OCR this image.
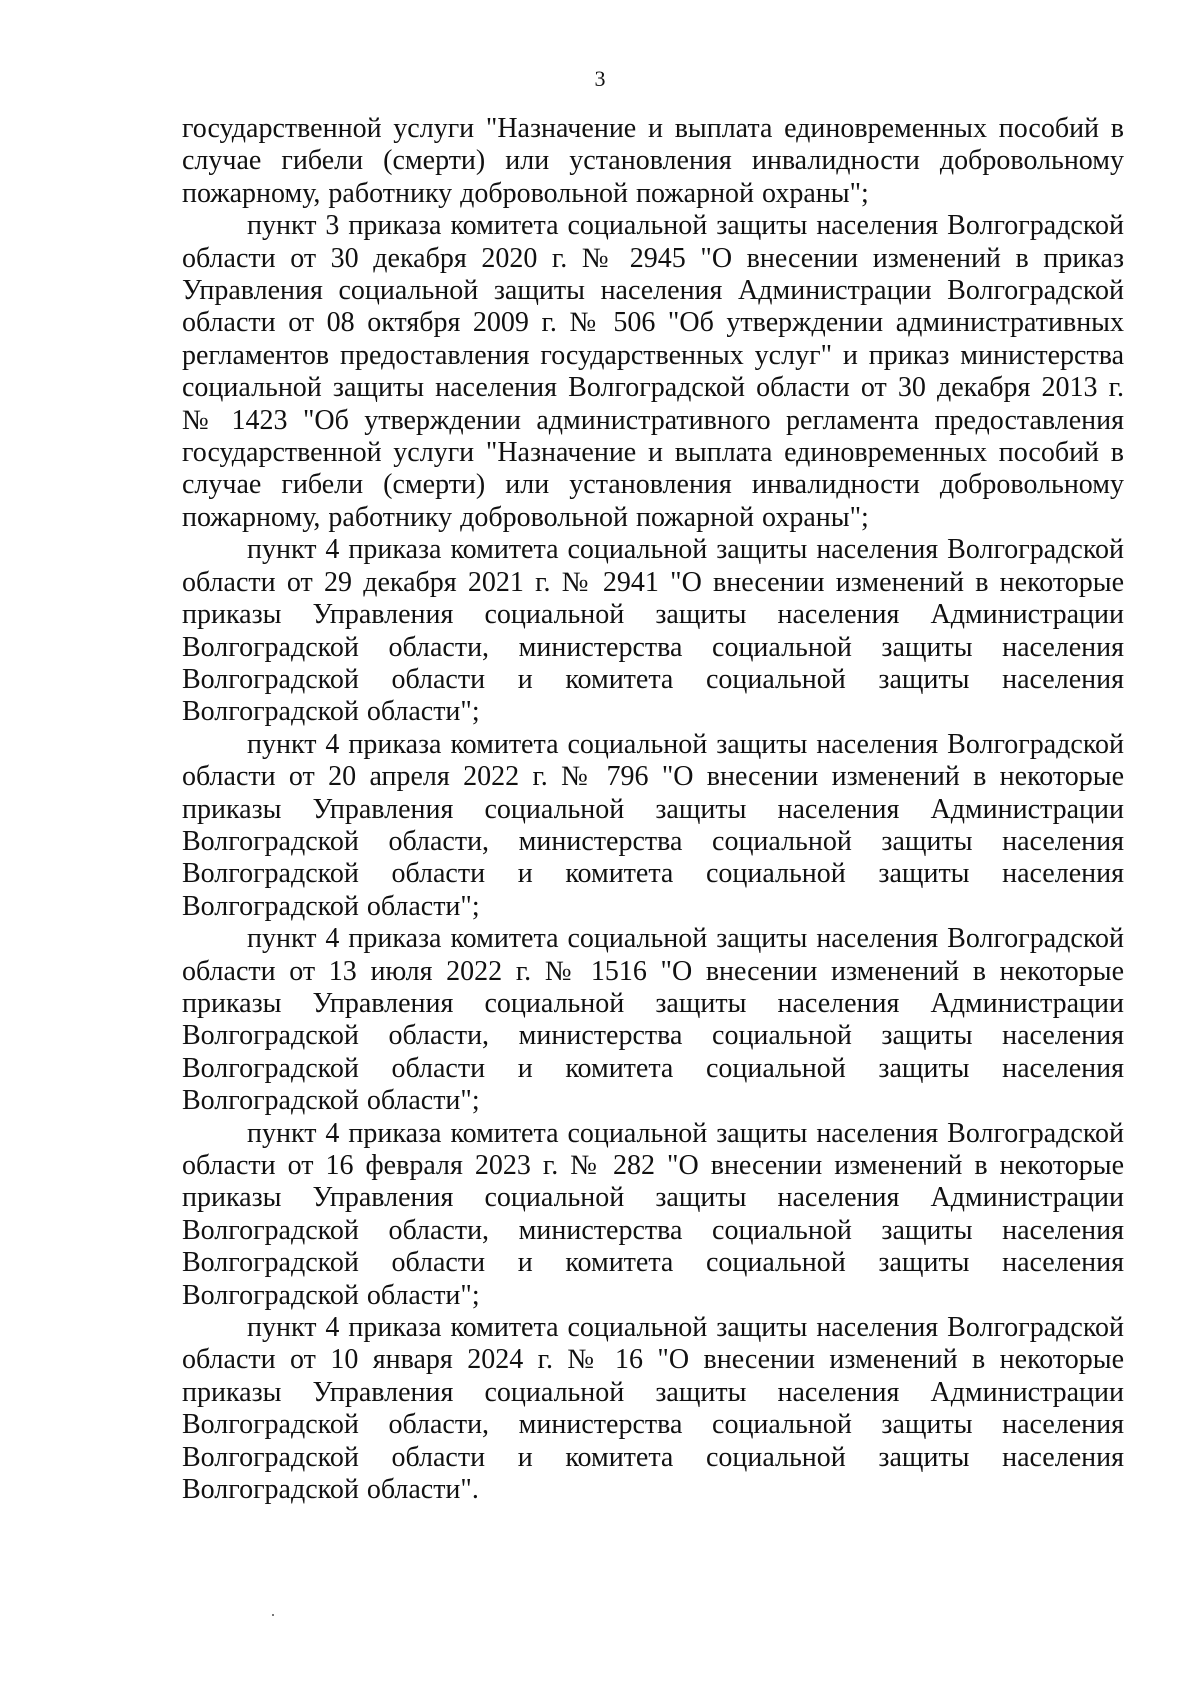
3

государственной услуги "Назначение и выплата единовременных пособий в случае гибели (смерти) или установления инвалидности добровольному пожарному, работнику добровольной пожарной охраны";

пункт 3 приказа комитета социальной защиты населения Волгоградской области от 30 декабря 2020 г. № 2945 "О внесении изменений в приказ Управления социальной защиты населения Администрации Волгоградской области от 08 октября 2009 г. № 506 "Об утверждении административных регламентов предоставления государственных услуг" и приказ министерства социальной защиты населения Волгоградской области от 30 декабря 2013 г. № 1423 "Об утверждении административного регламента предоставления государственной услуги "Назначение и выплата единовременных пособий в случае гибели (смерти) или установления инвалидности добровольному пожарному, работнику добровольной пожарной охраны";

пункт 4 приказа комитета социальной защиты населения Волгоградской области от 29 декабря 2021 г. № 2941 "О внесении изменений в некоторые приказы Управления социальной защиты населения Администрации Волгоградской области, министерства социальной защиты населения Волгоградской области и комитета социальной защиты населения Волгоградской области";

пункт 4 приказа комитета социальной защиты населения Волгоградской области от 20 апреля 2022 г. № 796 "О внесении изменений в некоторые приказы Управления социальной защиты населения Администрации Волгоградской области, министерства социальной защиты населения Волгоградской области и комитета социальной защиты населения Волгоградской области";

пункт 4 приказа комитета социальной защиты населения Волгоградской области от 13 июля 2022 г. № 1516 "О внесении изменений в некоторые приказы Управления социальной защиты населения Администрации Волгоградской области, министерства социальной защиты населения Волгоградской области и комитета социальной защиты населения Волгоградской области";

пункт 4 приказа комитета социальной защиты населения Волгоградской области от 16 февраля 2023 г. № 282 "О внесении изменений в некоторые приказы Управления социальной защиты населения Администрации Волгоградской области, министерства социальной защиты населения Волгоградской области и комитета социальной защиты населения Волгоградской области";

пункт 4 приказа комитета социальной защиты населения Волгоградской области от 10 января 2024 г. № 16 "О внесении изменений в некоторые приказы Управления социальной защиты населения Администрации Волгоградской области, министерства социальной защиты населения Волгоградской области и комитета социальной защиты населения Волгоградской области".
